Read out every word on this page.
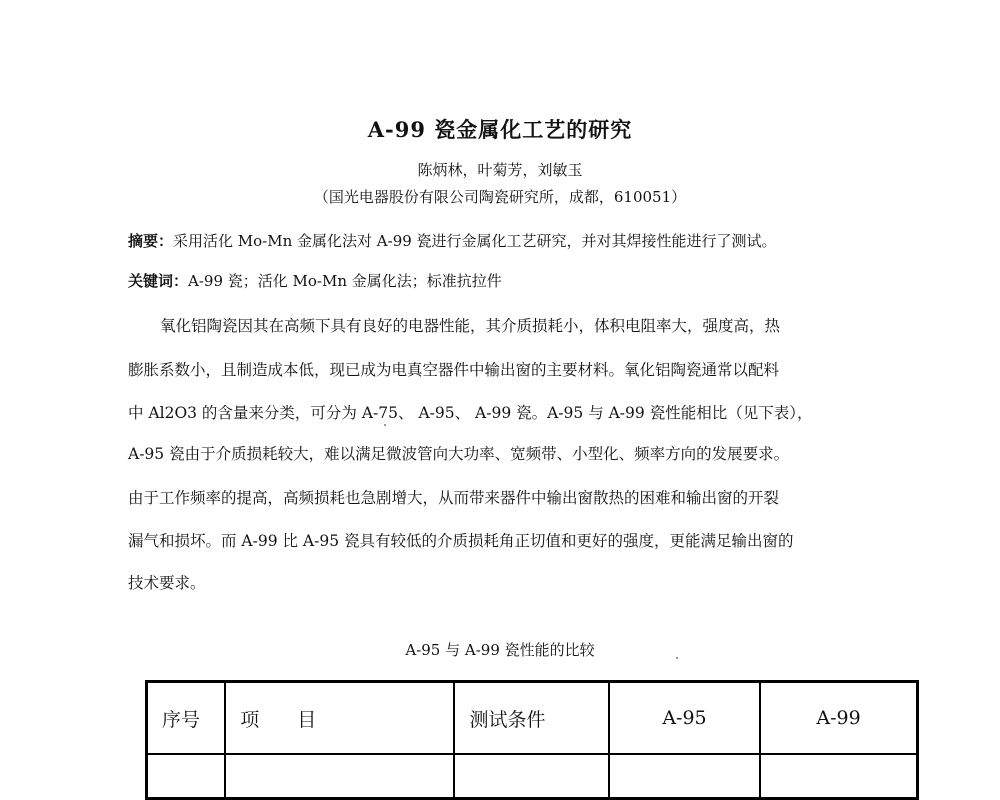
A-99 瓷金属化工艺的研究
陈炳林，叶菊芳，刘敏玉
（国光电器股份有限公司陶瓷研究所，成都，610051）
摘要：采用活化 Mo-Mn 金属化法对 A-99 瓷进行金属化工艺研究，并对其焊接性能进行了测试。
关键词：A-99 瓷；活化 Mo-Mn 金属化法；标准抗拉件
氧化铝陶瓷因其在高频下具有良好的电器性能，其介质损耗小，体积电阻率大，强度高，热
膨胀系数小，且制造成本低，现已成为电真空器件中输出窗的主要材料。氧化铝陶瓷通常以配料
中 Al2O3 的含量来分类，可分为 A-75、 A-95、 A-99 瓷。A-95 与 A-99 瓷性能相比（见下表），
A-95 瓷由于介质损耗较大，难以满足微波管向大功率、宽频带、小型化、频率方向的发展要求。
由于工作频率的提高，高频损耗也急剧增大，从而带来器件中输出窗散热的困难和输出窗的开裂
漏气和损坏。而 A-99 比 A-95 瓷具有较低的介质损耗角正切值和更好的强度，更能满足输出窗的
技术要求。
A-95 与 A-99 瓷性能的比较
序号	项　　目	测试条件	A-95	A-99
